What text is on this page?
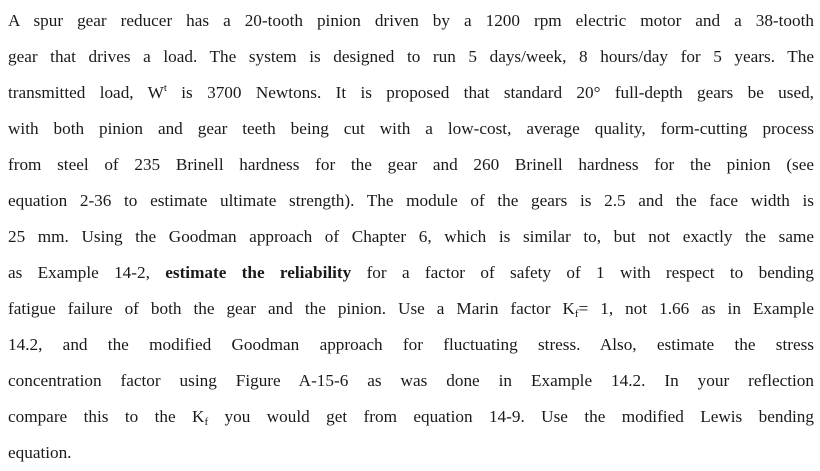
A spur gear reducer has a 20-tooth pinion driven by a 1200 rpm electric motor and a 38-tooth
gear that drives a load. The system is designed to run 5 days/week, 8 hours/day for 5 years. The
transmitted load, $W^t$ is 3700 Newtons. It is proposed that standard 20° full-depth gears be used,
with both pinion and gear teeth being cut with a low-cost, average quality, form-cutting process
from steel of 235 Brinell hardness for the gear and 260 Brinell hardness for the pinion (see
equation 2-36 to estimate ultimate strength). The module of the gears is 2.5 and the face width is
25 mm. Using the Goodman approach of Chapter 6, which is similar to, but not exactly the same
as Example 14-2, estimate the reliability for a factor of safety of 1 with respect to bending
fatigue failure of both the gear and the pinion. Use a Marin factor $K_f= 1$, not 1.66 as in Example
14.2, and the modified Goodman approach for fluctuating stress. Also, estimate the stress
concentration factor using Figure A-15-6 as was done in Example 14.2. In your reflection
compare this to the $K_f$ you would get from equation 14-9. Use the modified Lewis bending
equation.
